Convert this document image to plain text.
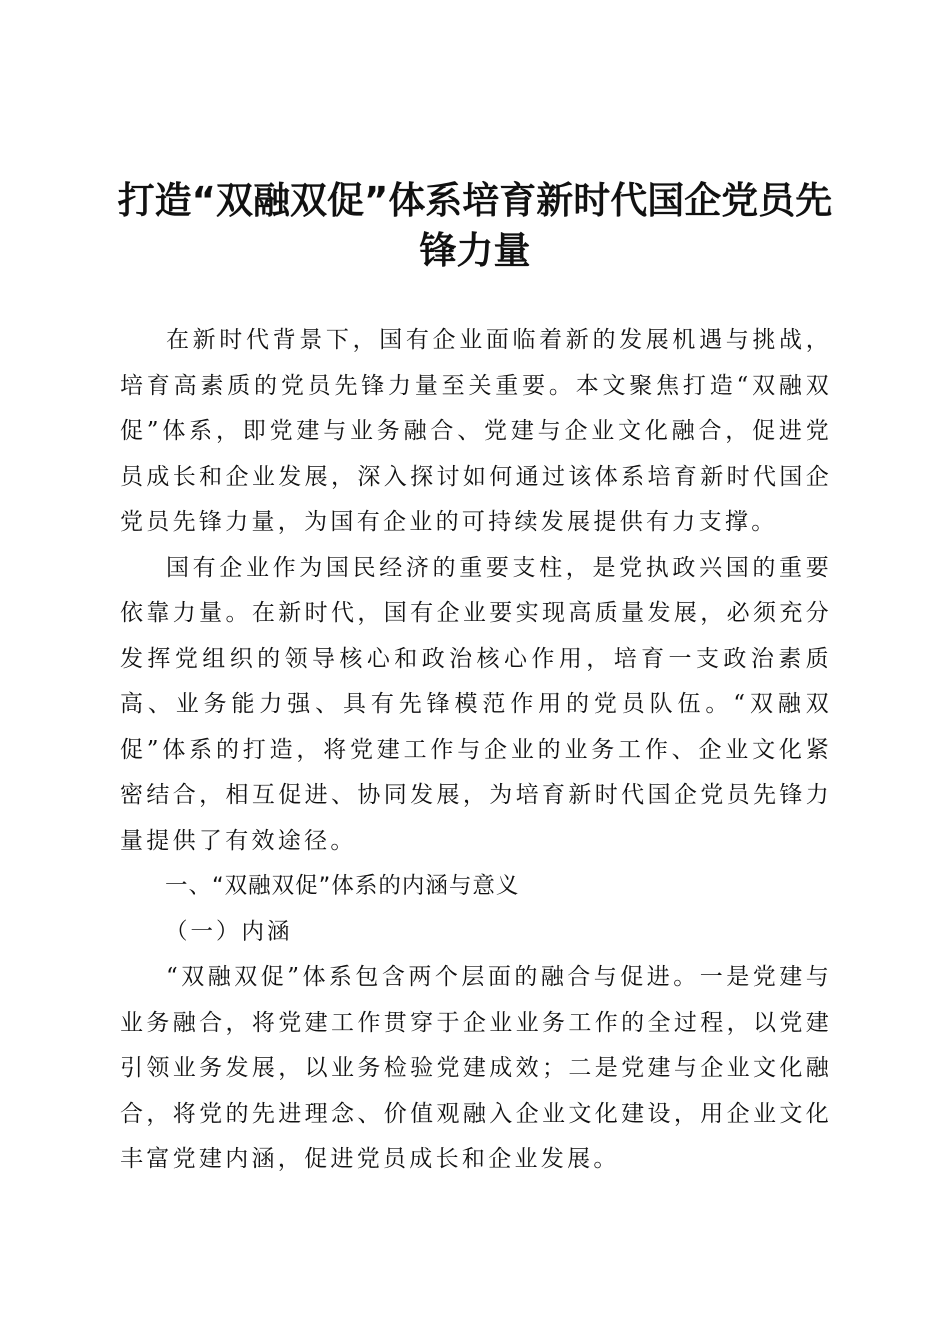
打造“双融双促”体系培育新时代国企党员先
锋力量

在新时代背景下，国有企业面临着新的发展机遇与挑战，培育高素质的党员先锋力量至关重要。本文聚焦打造“双融双促”体系，即党建与业务融合、党建与企业文化融合，促进党员成长和企业发展，深入探讨如何通过该体系培育新时代国企党员先锋力量，为国有企业的可持续发展提供有力支撑。

国有企业作为国民经济的重要支柱，是党执政兴国的重要依靠力量。在新时代，国有企业要实现高质量发展，必须充分发挥党组织的领导核心和政治核心作用，培育一支政治素质高、业务能力强、具有先锋模范作用的党员队伍。“双融双促”体系的打造，将党建工作与企业的业务工作、企业文化紧密结合，相互促进、协同发展，为培育新时代国企党员先锋力量提供了有效途径。

一、“双融双促”体系的内涵与意义

（一）内涵

“双融双促”体系包含两个层面的融合与促进。一是党建与业务融合，将党建工作贯穿于企业业务工作的全过程，以党建引领业务发展，以业务检验党建成效；二是党建与企业文化融合，将党的先进理念、价值观融入企业文化建设，用企业文化丰富党建内涵，促进党员成长和企业发展。
